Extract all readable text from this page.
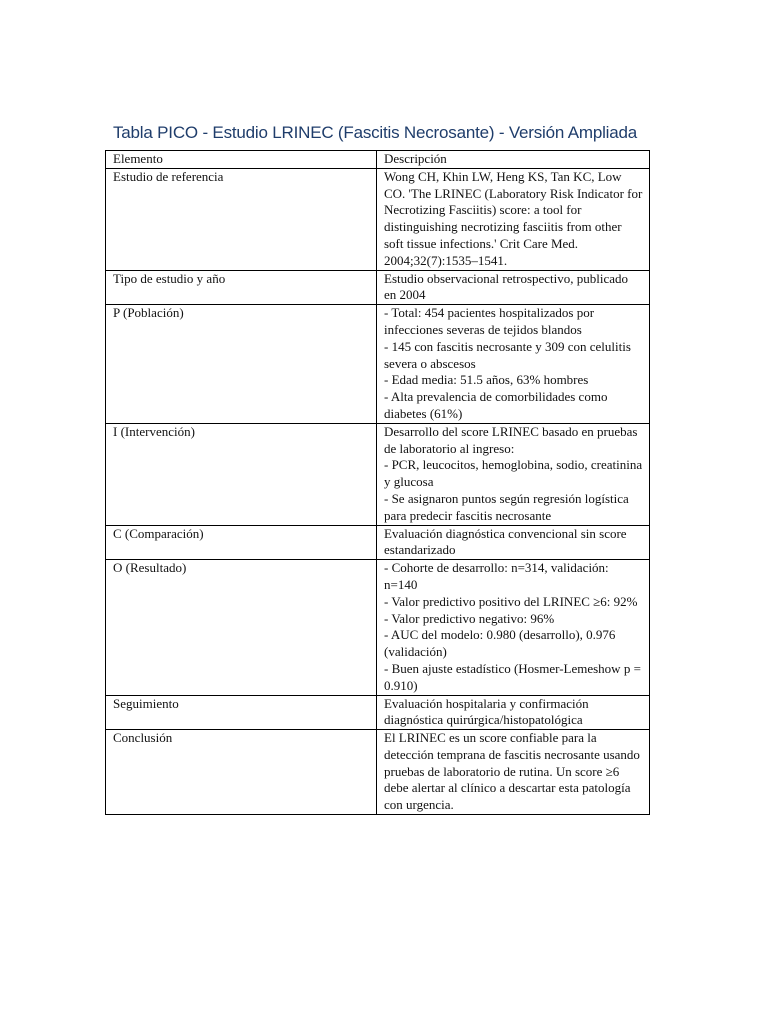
Tabla PICO - Estudio LRINEC (Fascitis Necrosante) - Versión Ampliada
Elemento	Descripción
Estudio de referencia	Wong CH, Khin LW, Heng KS, Tan KC, Low CO. 'The LRINEC (Laboratory Risk Indicator for Necrotizing Fasciitis) score: a tool for distinguishing necrotizing fasciitis from other soft tissue infections.' Crit Care Med. 2004;32(7):1535–1541.
Tipo de estudio y año	Estudio observacional retrospectivo, publicado en 2004
P (Población)	- Total: 454 pacientes hospitalizados por infecciones severas de tejidos blandos
- 145 con fascitis necrosante y 309 con celulitis severa o abscesos
- Edad media: 51.5 años, 63% hombres
- Alta prevalencia de comorbilidades como diabetes (61%)
I (Intervención)	Desarrollo del score LRINEC basado en pruebas de laboratorio al ingreso:
- PCR, leucocitos, hemoglobina, sodio, creatinina y glucosa
- Se asignaron puntos según regresión logística para predecir fascitis necrosante
C (Comparación)	Evaluación diagnóstica convencional sin score estandarizado
O (Resultado)	- Cohorte de desarrollo: n=314, validación: n=140
- Valor predictivo positivo del LRINEC ≥6: 92%
- Valor predictivo negativo: 96%
- AUC del modelo: 0.980 (desarrollo), 0.976 (validación)
- Buen ajuste estadístico (Hosmer-Lemeshow p = 0.910)
Seguimiento	Evaluación hospitalaria y confirmación diagnóstica quirúrgica/histopatológica
Conclusión	El LRINEC es un score confiable para la detección temprana de fascitis necrosante usando pruebas de laboratorio de rutina. Un score ≥6 debe alertar al clínico a descartar esta patología con urgencia.
